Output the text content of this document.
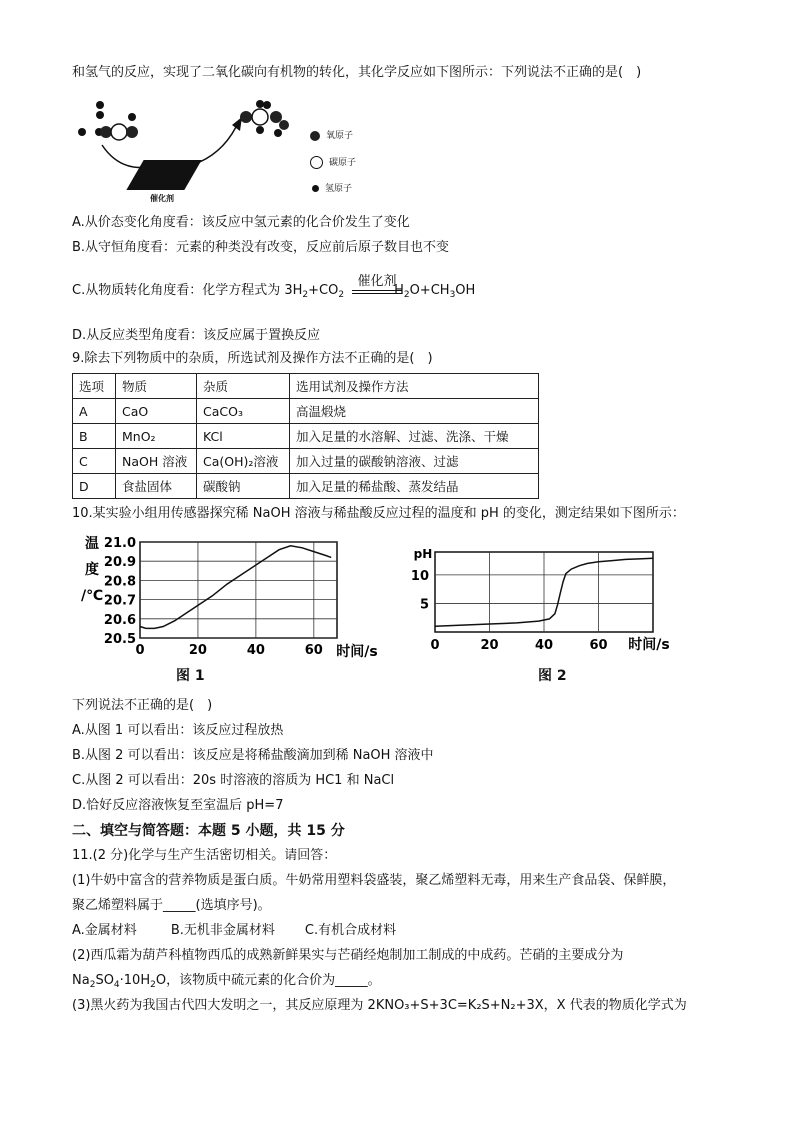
和氢气的反应，实现了二氧化碳向有机物的转化，其化学反应如下图所示：下列说法不正确的是(　)
催化剂
氧原子
碳原子
氢原子
A.从价态变化角度看：该反应中氢元素的化合价发生了变化
B.从守恒角度看：元素的种类没有改变，反应前后原子数目也不变
C.从物质转化角度看：化学方程式为 $3H_2+CO_2$	$H_2O+CH_3OH$
催化剂
D.从反应类型角度看：该反应属于置换反应
9.除去下列物质中的杂质，所选试剂及操作方法不正确的是(　)
选项	物质	杂质	选用试剂及操作方法
A	CaO	CaCO₃	高温煅烧
B	MnO₂	KCl	加入足量的水溶解、过滤、洗涤、干燥
C	NaOH 溶液	Ca(OH)₂溶液	加入过量的碳酸钠溶液、过滤
D	食盐固体	碳酸钠	加入足量的稀盐酸、蒸发结晶
10.某实验小组用传感器探究稀 NaOH 溶液与稀盐酸反应过程的温度和 pH 的变化，测定结果如下图所示：
21.0
20.9
20.8
20.7
20.6
20.5
0	20	40	60
温
度
/℃
时间/s
图 1
10
5
0	20	40	60
pH
时间/s
图 2
下列说法不正确的是(　)
A.从图 1 可以看出：该反应过程放热
B.从图 2 可以看出：该反应是将稀盐酸滴加到稀 NaOH 溶液中
C.从图 2 可以看出：20s 时溶液的溶质为 HC1 和 NaCl
D.恰好反应溶液恢复至室温后 pH=7
二、填空与简答题：本题 5 小题，共 15 分
11.(2 分)化学与生产生活密切相关。请回答：
(1)牛奶中富含的营养物质是蛋白质。牛奶常用塑料袋盛装，聚乙烯塑料无毒，用来生产食品袋、保鲜膜，
聚乙烯塑料属于_____(选填序号)。
A.金属材料	B.无机非金属材料 C.有机合成材料
(2)西瓜霜为葫芦科植物西瓜的成熟新鲜果实与芒硝经炮制加工制成的中成药。芒硝的主要成分为
$Na_2SO_4\cdot 10H_2O$，该物质中硫元素的化合价为_____。
(3)黑火药为我国古代四大发明之一，其反应原理为 2KNO₃+S+3C=K₂S+N₂+3X，X 代表的物质化学式为
